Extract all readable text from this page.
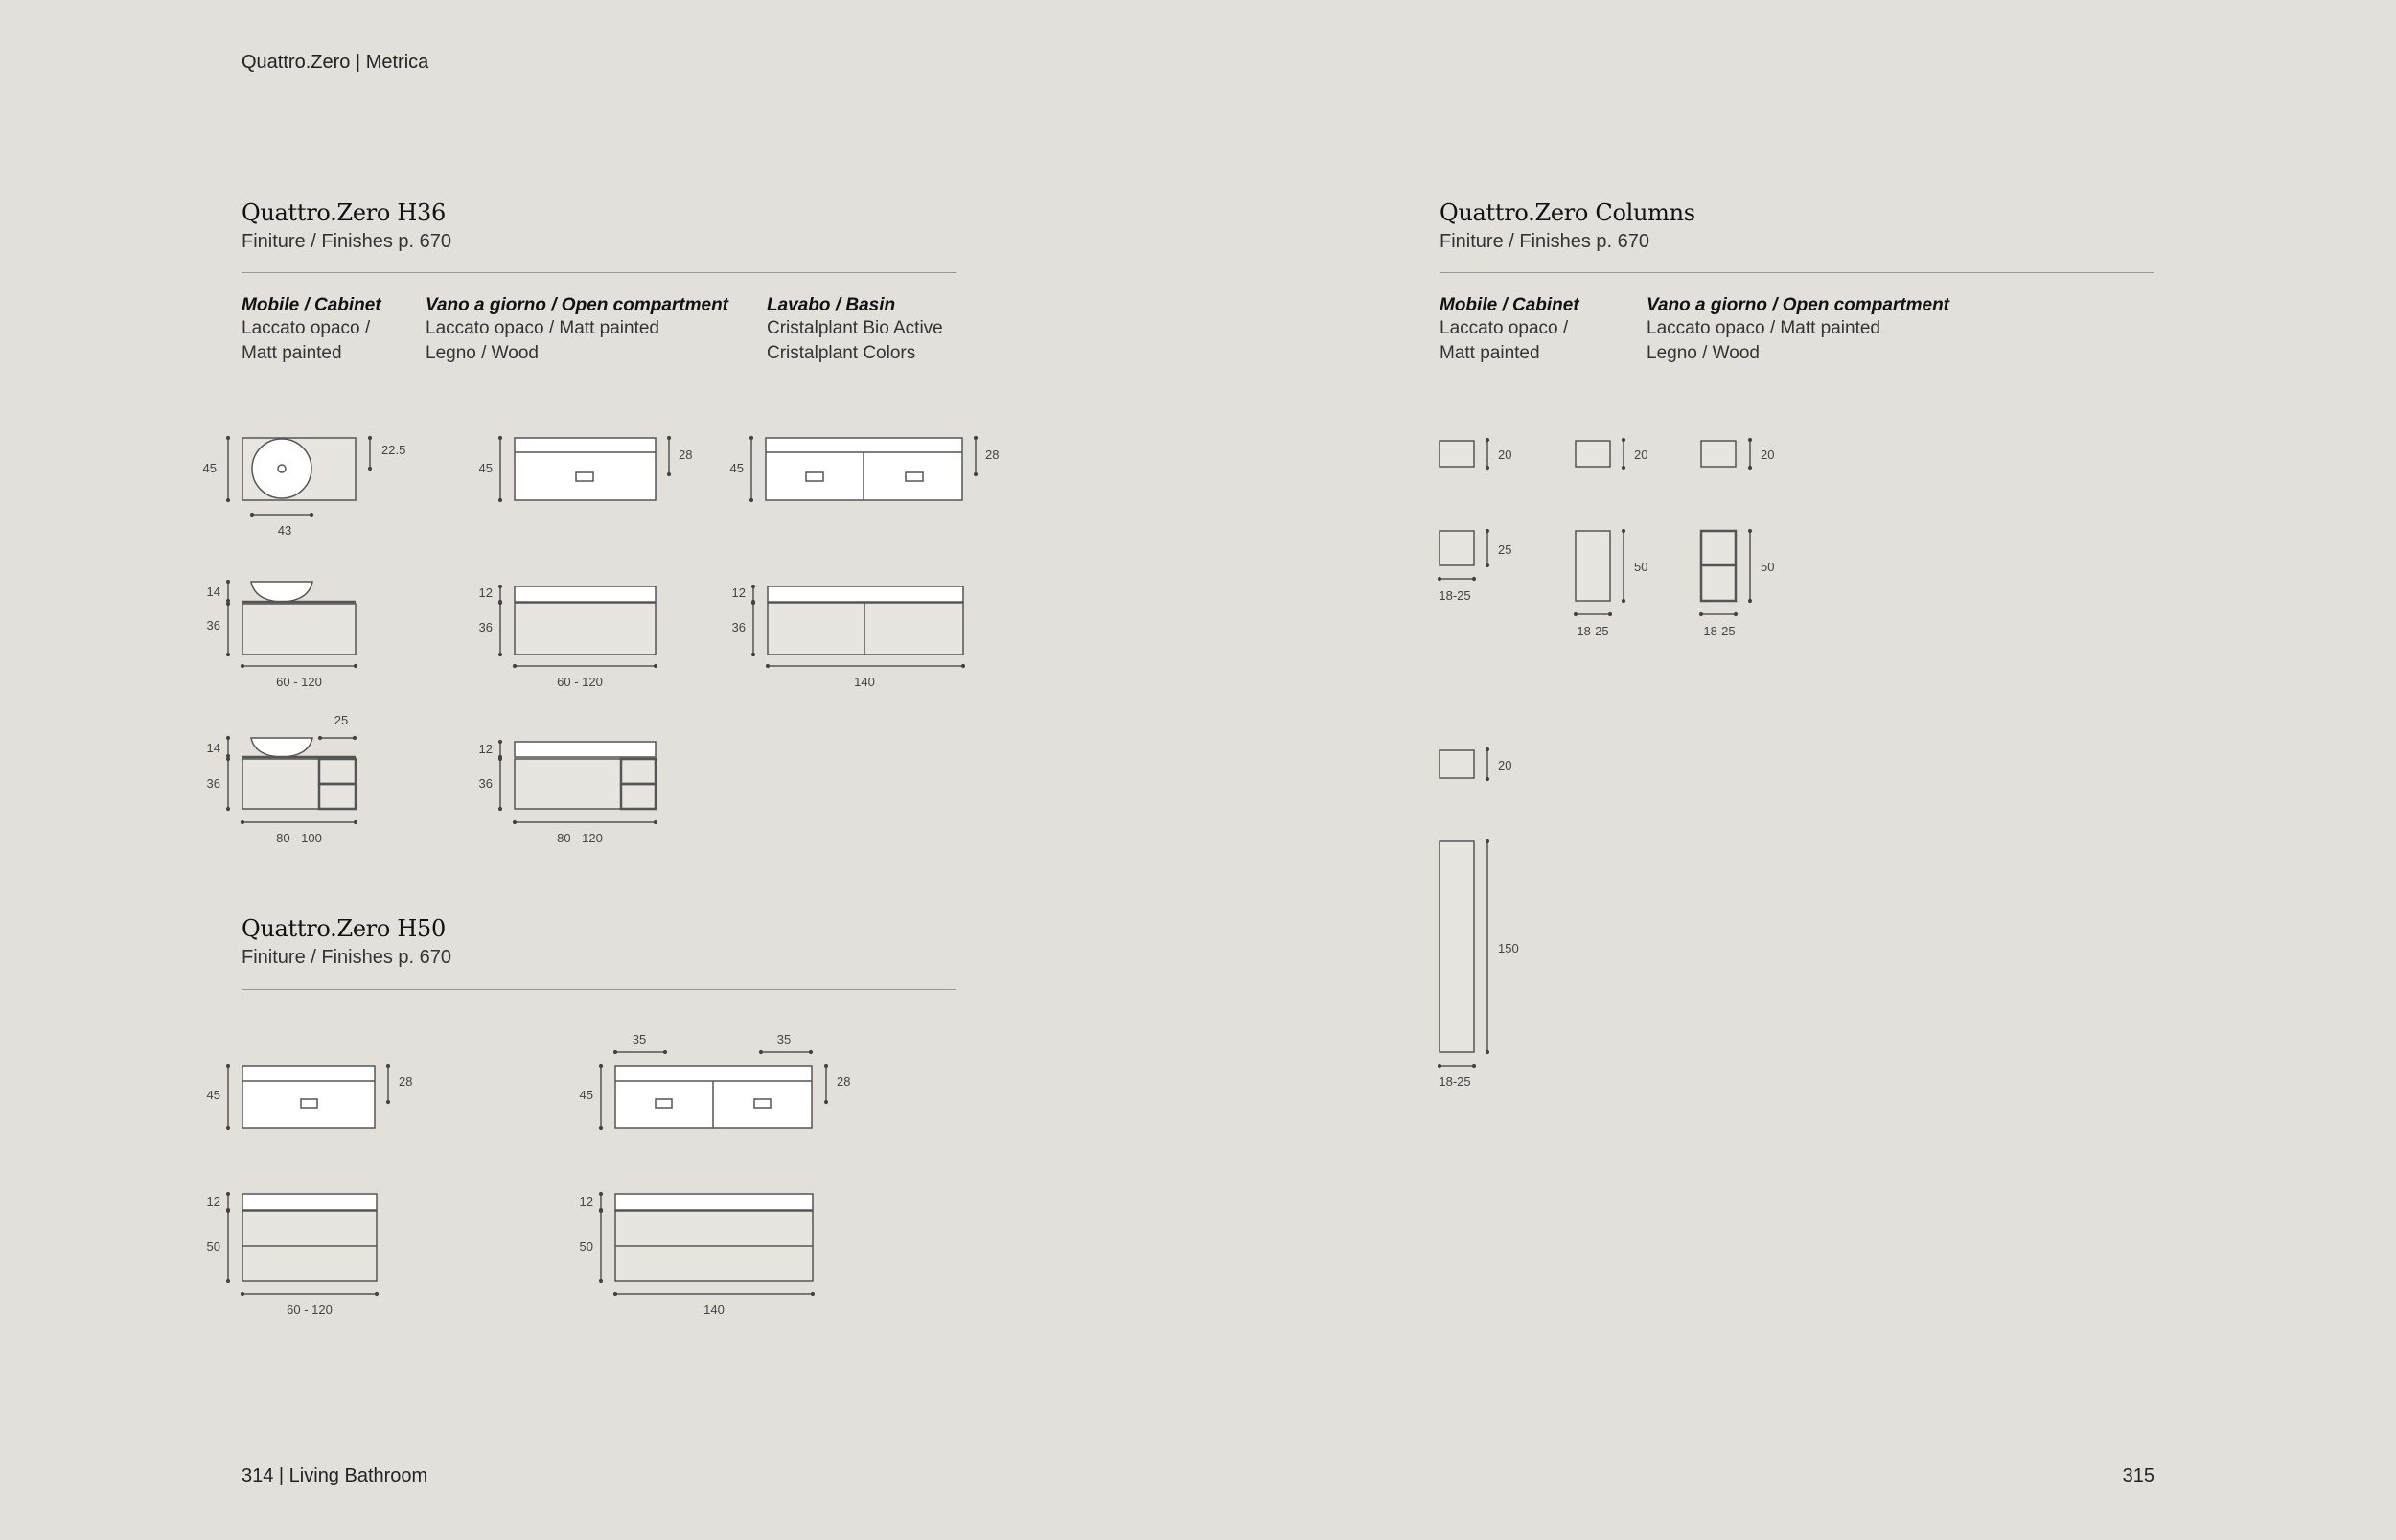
Quattro.Zero | Metrica
314 | Living Bathroom	315
Quattro.Zero H36
Finiture / Finishes p. 670
Mobile / Cabinet
Laccato opaco /
Matt painted
Vano a giorno / Open compartment
Laccato opaco / Matt painted
Legno / Wood
Lavabo / Basin
Cristalplant Bio Active
Cristalplant Colors
Quattro.Zero H50
Finiture / Finishes p. 670
Quattro.Zero Columns
Finiture / Finishes p. 670
Mobile / Cabinet
Laccato opaco /
Matt painted
Vano a giorno / Open compartment
Laccato opaco / Matt painted
Legno / Wood
45
22.5
43
45
28
45
28
14
36
60 - 120
12
36
60 - 120
12
36
140
14
36
25
80 - 100
12
36
80 - 120
45
28
45
28
35	35
12
50
60 - 120
12
50
140
20	20	20
25
18-25
50
18-25
50
18-25
20
150
18-25
